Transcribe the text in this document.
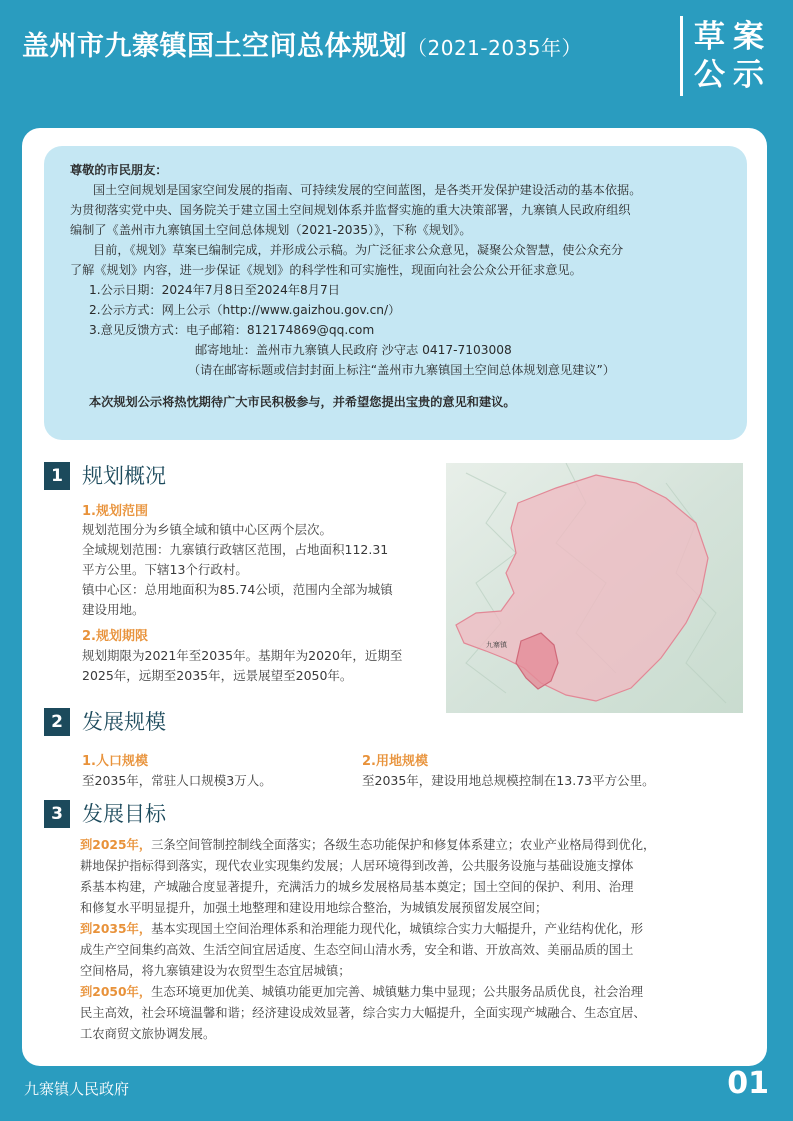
盖州市九寨镇国土空间总体规划（2021-2035年）	草案
公示

尊敬的市民朋友：

国土空间规划是国家空间发展的指南、可持续发展的空间蓝图，是各类开发保护建设活动的基本依据。

为贯彻落实党中央、国务院关于建立国土空间规划体系并监督实施的重大决策部署，九寨镇人民政府组织

编制了《盖州市九寨镇国土空间总体规划（2021-2035）》，下称《规划》。

目前，《规划》草案已编制完成，并形成公示稿。为广泛征求公众意见，凝聚公众智慧，使公众充分

了解《规划》内容，进一步保证《规划》的科学性和可实施性，现面向社会公众公开征求意见。

1.公示日期：2024年7月8日至2024年8月7日

2.公示方式：网上公示（http://www.gaizhou.gov.cn/）

3.意见反馈方式：电子邮箱：812174869@qq.com

邮寄地址：盖州市九寨镇人民政府 沙守志 0417-7103008

（请在邮寄标题或信封封面上标注“盖州市九寨镇国土空间总体规划意见建议”）

本次规划公示将热忱期待广大市民积极参与，并希望您提出宝贵的意见和建议。

1 规划概况
1.规划范围

规划范围分为乡镇全域和镇中心区两个层次。

全域规划范围：九寨镇行政辖区范围，占地面积112.31

平方公里。下辖13个行政村。

镇中心区：总用地面积为85.74公顷，范围内全部为城镇

建设用地。

2.规划期限

规划期限为2021年至2035年。基期年为2020年，近期至

2025年，远期至2035年，远景展望至2050年。

九寨镇
2 发展规模
1.人口规模

至2035年，常驻人口规模3万人。

2.用地规模

至2035年，建设用地总规模控制在13.73平方公里。

3 发展目标

到2025年，三条空间管制控制线全面落实；各级生态功能保护和修复体系建立；农业产业格局得到优化，

耕地保护指标得到落实，现代农业实现集约发展；人居环境得到改善，公共服务设施与基础设施支撑体

系基本构建，产城融合度显著提升，充满活力的城乡发展格局基本奠定；国土空间的保护、利用、治理

和修复水平明显提升，加强土地整理和建设用地综合整治，为城镇发展预留发展空间；

到2035年，基本实现国土空间治理体系和治理能力现代化，城镇综合实力大幅提升，产业结构优化，形

成生产空间集约高效、生活空间宜居适度、生态空间山清水秀，安全和谐、开放高效、美丽品质的国土

空间格局，将九寨镇建设为农贸型生态宜居城镇；

到2050年，生态环境更加优美、城镇功能更加完善、城镇魅力集中显现；公共服务品质优良，社会治理

民主高效，社会环境温馨和谐；经济建设成效显著，综合实力大幅提升，全面实现产城融合、生态宜居、

工农商贸文旅协调发展。

九寨镇人民政府	01
